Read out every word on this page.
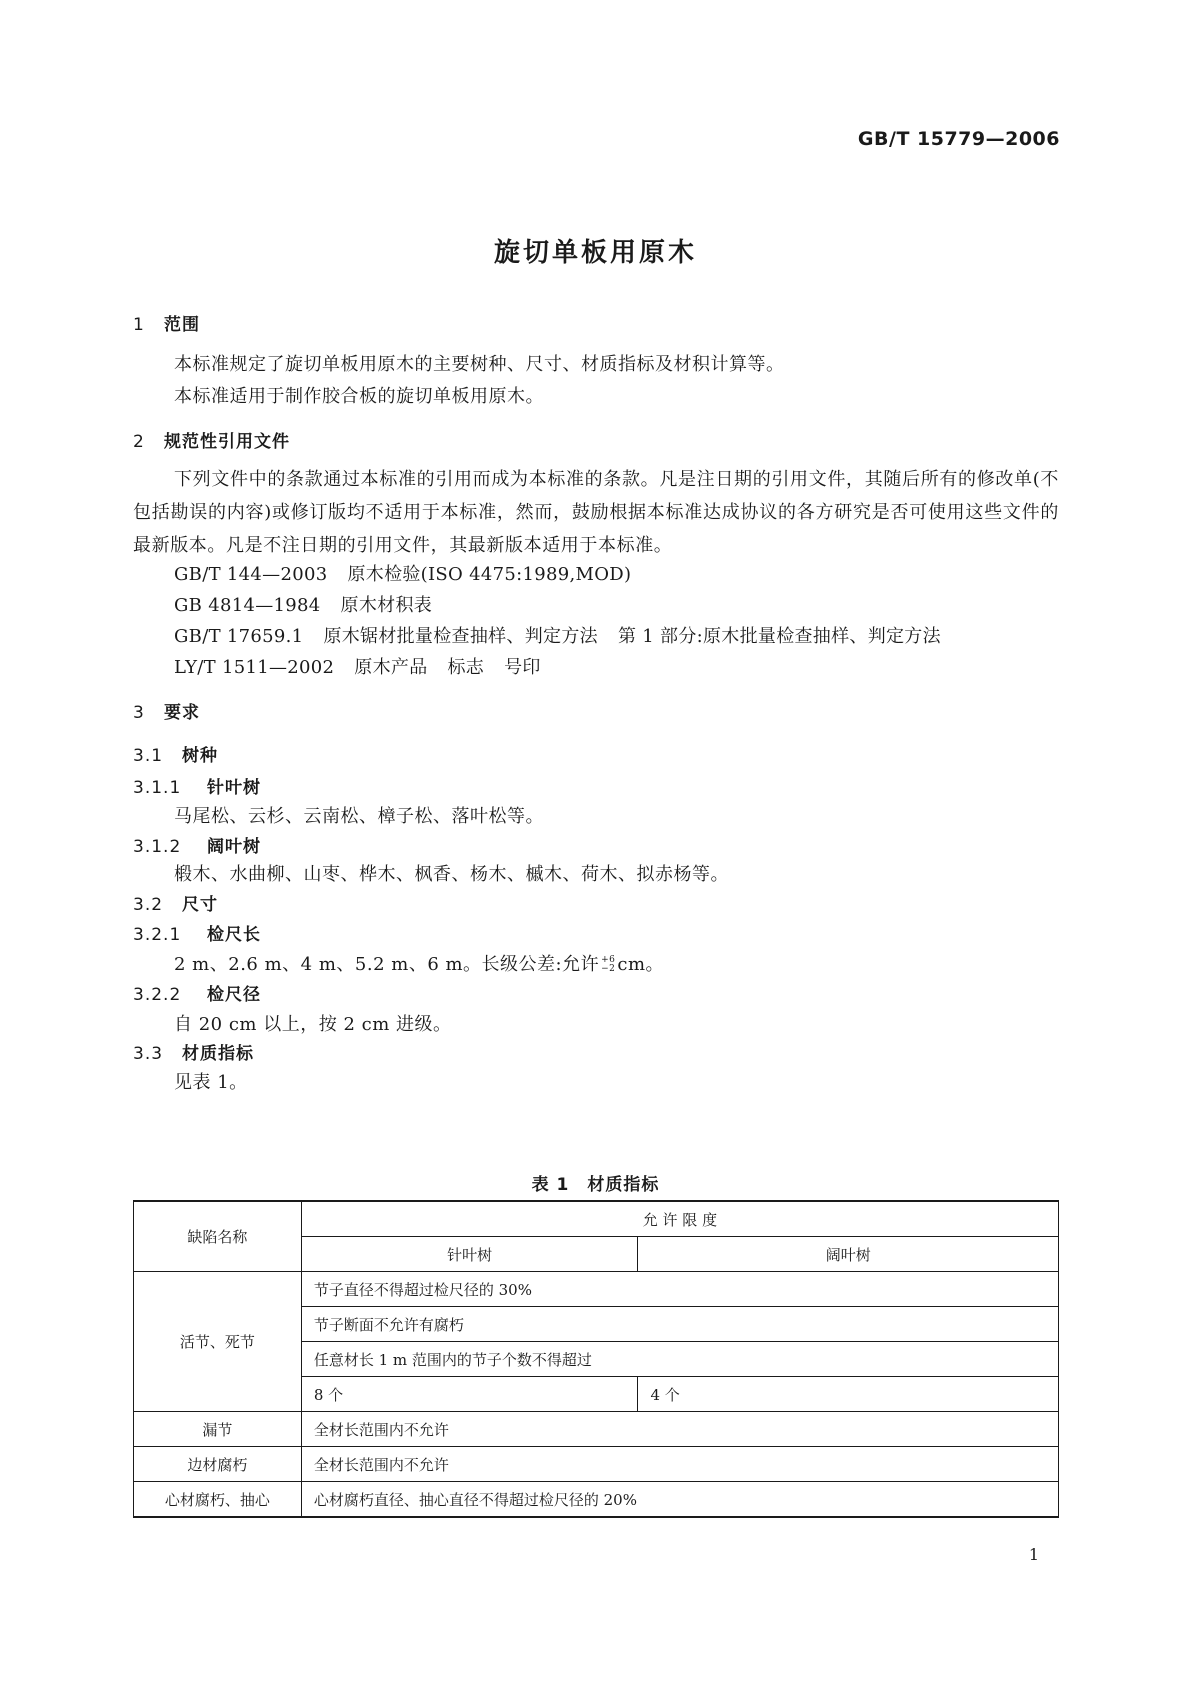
GB/T 15779—2006
旋切单板用原木
1 范围
本标准规定了旋切单板用原木的主要树种、尺寸、材质指标及材积计算等。
本标准适用于制作胶合板的旋切单板用原木。
2 规范性引用文件
下列文件中的条款通过本标准的引用而成为本标准的条款。凡是注日期的引用文件，其随后所有的修改单(不包括勘误的内容)或修订版均不适用于本标准，然而，鼓励根据本标准达成协议的各方研究是否可使用这些文件的最新版本。凡是不注日期的引用文件，其最新版本适用于本标准。
GB/T 144—2003 原木检验(ISO 4475:1989,MOD)
GB 4814—1984 原木材积表
GB/T 17659.1 原木锯材批量检查抽样、判定方法 第 1 部分:原木批量检查抽样、判定方法
LY/T 1511—2002 原木产品 标志 号印
3 要求
3.1 树种
3.1.1 针叶树
马尾松、云杉、云南松、樟子松、落叶松等。
3.1.2 阔叶树
椴木、水曲柳、山枣、桦木、枫香、杨木、槭木、荷木、拟赤杨等。
3.2 尺寸
3.2.1 检尺长
2 m、2.6 m、4 m、5.2 m、6 m。长级公差:允许 +6
−2 cm。
3.2.2 检尺径
自 20 cm 以上，按 2 cm 进级。
3.3 材质指标
见表 1。
表 1　材质指标
缺陷名称	允 许 限 度	
	针叶树	阔叶树
活节、死节	节子直径不得超过检尺径的 30%	
	节子断面不允许有腐朽	
	任意材长 1 m 范围内的节子个数不得超过	
	8 个	4 个
漏节	全材长范围内不允许	
边材腐朽	全材长范围内不允许	
心材腐朽、抽心	心材腐朽直径、抽心直径不得超过检尺径的 20%	
1
